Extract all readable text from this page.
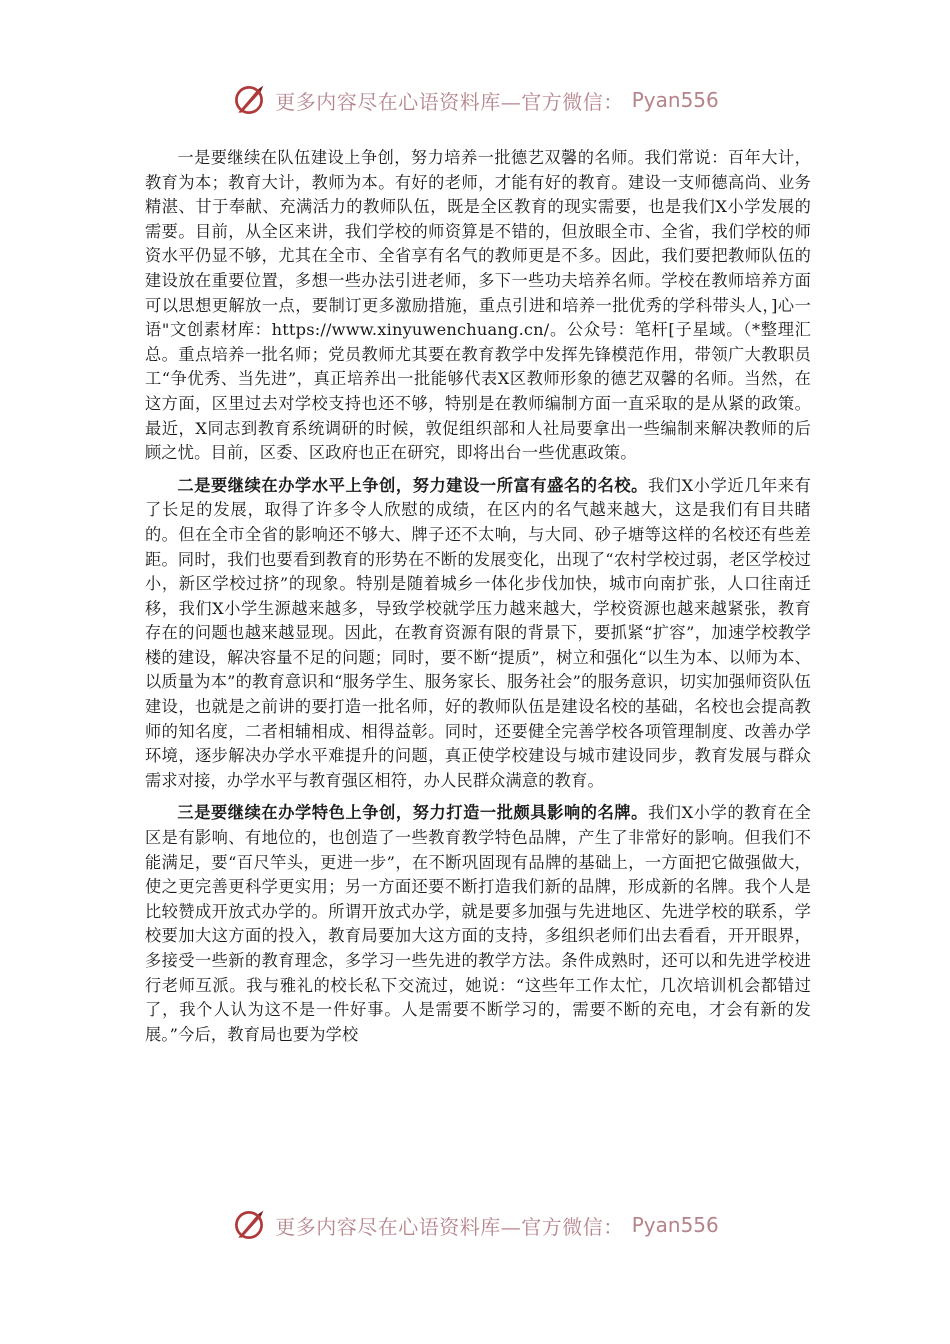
更多内容尽在心语资料库—官方微信： Pyan556

一是要继续在队伍建设上争创，努力培养一批德艺双馨的名师。我们常说：百年大计，教育为本；教育大计，教师为本。有好的老师，才能有好的教育。建设一支师德高尚、业务精湛、甘于奉献、充满活力的教师队伍，既是全区教育的现实需要，也是我们X小学发展的需要。目前，从全区来讲，我们学校的师资算是不错的，但放眼全市、全省，我们学校的师资水平仍显不够，尤其在全市、全省享有名气的教师更是不多。因此，我们要把教师队伍的建设放在重要位置，多想一些办法引进老师，多下一些功夫培养名师。学校在教师培养方面可以思想更解放一点，要制订更多激励措施，重点引进和培养一批优秀的学科带头人，]心一语"文创素材库：https://www.xinyuwenchuang.cn/。公众号：笔杆[子星域。（*整理汇总。重点培养一批名师；党员教师尤其要在教育教学中发挥先锋模范作用，带领广大教职员工“争优秀、当先进”，真正培养出一批能够代表X区教师形象的德艺双馨的名师。当然，在这方面，区里过去对学校支持也还不够，特别是在教师编制方面一直采取的是从紧的政策。最近，X同志到教育系统调研的时候，敦促组织部和人社局要拿出一些编制来解决教师的后顾之忧。目前，区委、区政府也正在研究，即将出台一些优惠政策。

二是要继续在办学水平上争创，努力建设一所富有盛名的名校。我们X小学近几年来有了长足的发展，取得了许多令人欣慰的成绩，在区内的名气越来越大，这是我们有目共睹的。但在全市全省的影响还不够大、牌子还不太响，与大同、砂子塘等这样的名校还有些差距。同时，我们也要看到教育的形势在不断的发展变化，出现了“农村学校过弱，老区学校过小，新区学校过挤”的现象。特别是随着城乡一体化步伐加快，城市向南扩张，人口往南迁移，我们X小学生源越来越多，导致学校就学压力越来越大，学校资源也越来越紧张，教育存在的问题也越来越显现。因此，在教育资源有限的背景下，要抓紧“扩容”，加速学校教学楼的建设，解决容量不足的问题；同时，要不断“提质”，树立和强化“以生为本、以师为本、以质量为本”的教育意识和“服务学生、服务家长、服务社会”的服务意识，切实加强师资队伍建设，也就是之前讲的要打造一批名师，好的教师队伍是建设名校的基础，名校也会提高教师的知名度，二者相辅相成、相得益彰。同时，还要健全完善学校各项管理制度、改善办学环境，逐步解决办学水平难提升的问题，真正使学校建设与城市建设同步，教育发展与群众需求对接，办学水平与教育强区相符，办人民群众满意的教育。

三是要继续在办学特色上争创，努力打造一批颇具影响的名牌。我们X小学的教育在全区是有影响、有地位的，也创造了一些教育教学特色品牌，产生了非常好的影响。但我们不能满足，要“百尺竿头，更进一步”，在不断巩固现有品牌的基础上，一方面把它做强做大，使之更完善更科学更实用；另一方面还要不断打造我们新的品牌，形成新的名牌。我个人是比较赞成开放式办学的。所谓开放式办学，就是要多加强与先进地区、先进学校的联系，学校要加大这方面的投入，教育局要加大这方面的支持，多组织老师们出去看看，开开眼界，多接受一些新的教育理念，多学习一些先进的教学方法。条件成熟时，还可以和先进学校进行老师互派。我与雅礼的校长私下交流过，她说：“这些年工作太忙，几次培训机会都错过了，我个人认为这不是一件好事。人是需要不断学习的，需要不断的充电，才会有新的发展。”今后，教育局也要为学校

更多内容尽在心语资料库—官方微信： Pyan556
